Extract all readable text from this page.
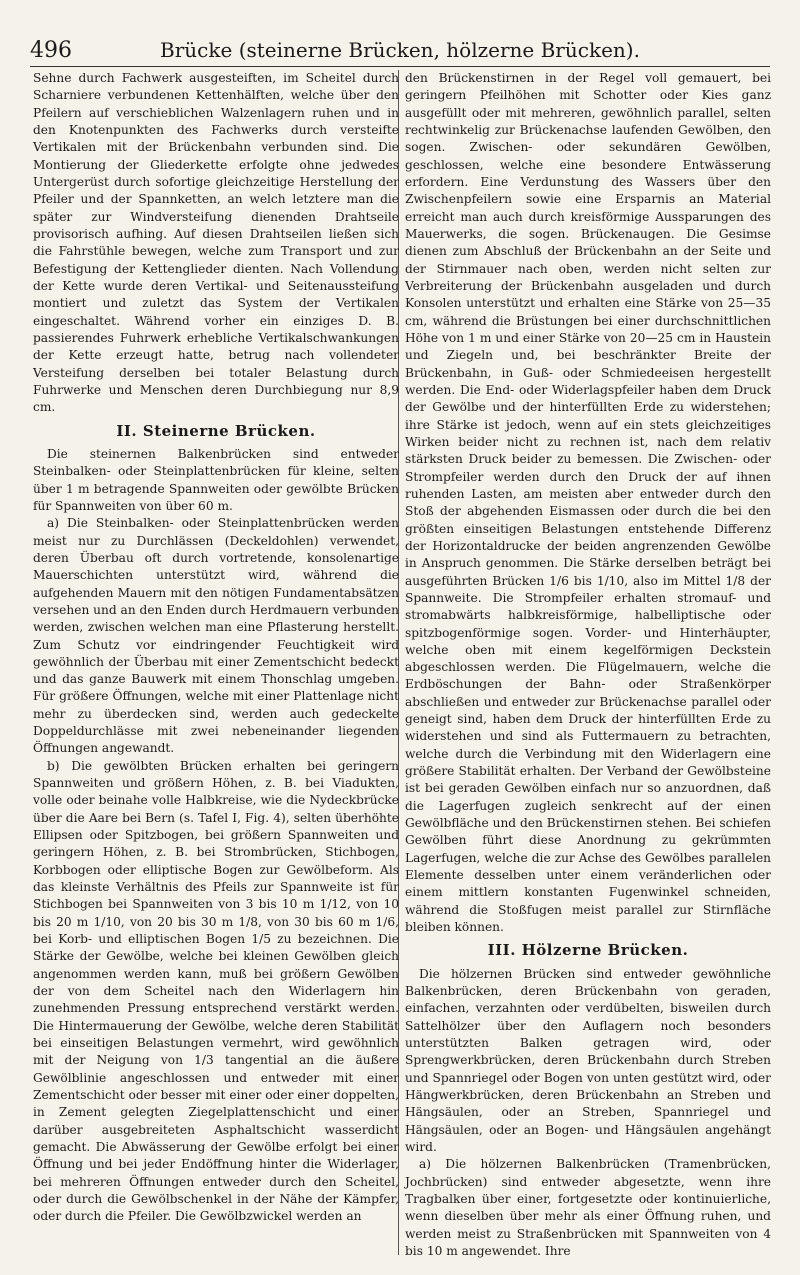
496	Brücke (steinerne Brücken, hölzerne Brücken).

Sehne durch Fachwerk ausgesteiften, im Scheitel durch Scharniere verbundenen Kettenhälften, welche über den Pfeilern auf verschieblichen Walzenlagern ruhen und in den Knotenpunkten des Fachwerks durch versteifte Vertikalen mit der Brückenbahn verbunden sind. Die Montierung der Gliederkette erfolgte ohne jedwedes Untergerüst durch sofortige gleichzeitige Herstellung der Pfeiler und der Spannketten, an welch letztere man die später zur Windversteifung dienenden Drahtseile provisorisch aufhing. Auf diesen Drahtseilen ließen sich die Fahrstühle bewegen, welche zum Transport und zur Befestigung der Kettenglieder dienten. Nach Vollendung der Kette wurde deren Vertikal- und Seitenaussteifung montiert und zuletzt das System der Vertikalen eingeschaltet. Während vorher ein einziges D. B. passierendes Fuhrwerk erhebliche Vertikalschwankungen der Kette erzeugt hatte, betrug nach vollendeter Versteifung derselben bei totaler Belastung durch Fuhrwerke und Menschen deren Durchbiegung nur 8,9 cm.

II. Steinerne Brücken.

Die steinernen Balkenbrücken sind entweder Steinbalken- oder Steinplattenbrücken für kleine, selten über 1 m betragende Spannweiten oder gewölbte Brücken für Spannweiten von über 60 m.

a) Die Steinbalken- oder Steinplattenbrücken werden meist nur zu Durchlässen (Deckeldohlen) verwendet, deren Überbau oft durch vortretende, konsolenartige Mauerschichten unterstützt wird, während die aufgehenden Mauern mit den nötigen Fundamentabsätzen versehen und an den Enden durch Herdmauern verbunden werden, zwischen welchen man eine Pflasterung herstellt. Zum Schutz vor eindringender Feuchtigkeit wird gewöhnlich der Überbau mit einer Zementschicht bedeckt und das ganze Bauwerk mit einem Thonschlag umgeben. Für größere Öffnungen, welche mit einer Plattenlage nicht mehr zu überdecken sind, werden auch gedeckelte Doppeldurchlässe mit zwei nebeneinander liegenden Öffnungen angewandt.

b) Die gewölbten Brücken erhalten bei geringern Spannweiten und größern Höhen, z. B. bei Viadukten, volle oder beinahe volle Halbkreise, wie die Nydeckbrücke über die Aare bei Bern (s. Tafel I, Fig. 4), selten überhöhte Ellipsen oder Spitzbogen, bei größern Spannweiten und geringern Höhen, z. B. bei Strombrücken, Stichbogen, Korbbogen oder elliptische Bogen zur Gewölbeform. Als das kleinste Verhältnis des Pfeils zur Spannweite ist für Stichbogen bei Spannweiten von 3 bis 10 m 1/12, von 10 bis 20 m 1/10, von 20 bis 30 m 1/8, von 30 bis 60 m 1/6, bei Korb- und elliptischen Bogen 1/5 zu bezeichnen. Die Stärke der Gewölbe, welche bei kleinen Gewölben gleich angenommen werden kann, muß bei größern Gewölben der von dem Scheitel nach den Widerlagern hin zunehmenden Pressung entsprechend verstärkt werden. Die Hintermauerung der Gewölbe, welche deren Stabilität bei einseitigen Belastungen vermehrt, wird gewöhnlich mit der Neigung von 1/3 tangential an die äußere Gewölblinie angeschlossen und entweder mit einer Zementschicht oder besser mit einer oder einer doppelten, in Zement gelegten Ziegelplattenschicht und einer darüber ausgebreiteten Asphaltschicht wasserdicht gemacht. Die Abwässerung der Gewölbe erfolgt bei einer Öffnung und bei jeder Endöffnung hinter die Widerlager, bei mehreren Öffnungen entweder durch den Scheitel, oder durch die Gewölbschenkel in der Nähe der Kämpfer, oder durch die Pfeiler. Die Gewölbzwickel werden an

den Brückenstirnen in der Regel voll gemauert, bei geringern Pfeilhöhen mit Schotter oder Kies ganz ausgefüllt oder mit mehreren, gewöhnlich parallel, selten rechtwinkelig zur Brückenachse laufenden Gewölben, den sogen. Zwischen- oder sekundären Gewölben, geschlossen, welche eine besondere Entwässerung erfordern. Eine Verdunstung des Wassers über den Zwischenpfeilern sowie eine Ersparnis an Material erreicht man auch durch kreisförmige Aussparungen des Mauerwerks, die sogen. Brückenaugen. Die Gesimse dienen zum Abschluß der Brückenbahn an der Seite und der Stirnmauer nach oben, werden nicht selten zur Verbreiterung der Brückenbahn ausgeladen und durch Konsolen unterstützt und erhalten eine Stärke von 25—35 cm, während die Brüstungen bei einer durchschnittlichen Höhe von 1 m und einer Stärke von 20—25 cm in Haustein und Ziegeln und, bei beschränkter Breite der Brückenbahn, in Guß- oder Schmiedeeisen hergestellt werden. Die End- oder Widerlagspfeiler haben dem Druck der Gewölbe und der hinterfüllten Erde zu widerstehen; ihre Stärke ist jedoch, wenn auf ein stets gleichzeitiges Wirken beider nicht zu rechnen ist, nach dem relativ stärksten Druck beider zu bemessen. Die Zwischen- oder Strompfeiler werden durch den Druck der auf ihnen ruhenden Lasten, am meisten aber entweder durch den Stoß der abgehenden Eismassen oder durch die bei den größten einseitigen Belastungen entstehende Differenz der Horizontaldrucke der beiden angrenzenden Gewölbe in Anspruch genommen. Die Stärke derselben beträgt bei ausgeführten Brücken 1/6 bis 1/10, also im Mittel 1/8 der Spannweite. Die Strompfeiler erhalten stromauf- und stromabwärts halbkreisförmige, halbelliptische oder spitzbogenförmige sogen. Vorder- und Hinterhäupter, welche oben mit einem kegelförmigen Deckstein abgeschlossen werden. Die Flügelmauern, welche die Erdböschungen der Bahn- oder Straßenkörper abschließen und entweder zur Brückenachse parallel oder geneigt sind, haben dem Druck der hinterfüllten Erde zu widerstehen und sind als Futtermauern zu betrachten, welche durch die Verbindung mit den Widerlagern eine größere Stabilität erhalten. Der Verband der Gewölbsteine ist bei geraden Gewölben einfach nur so anzuordnen, daß die Lagerfugen zugleich senkrecht auf der einen Gewölbfläche und den Brückenstirnen stehen. Bei schiefen Gewölben führt diese Anordnung zu gekrümmten Lagerfugen, welche die zur Achse des Gewölbes parallelen Elemente desselben unter einem veränderlichen oder einem mittlern konstanten Fugenwinkel schneiden, während die Stoßfugen meist parallel zur Stirnfläche bleiben können.

III. Hölzerne Brücken.

Die hölzernen Brücken sind entweder gewöhnliche Balkenbrücken, deren Brückenbahn von geraden, einfachen, verzahnten oder verdübelten, bisweilen durch Sattelhölzer über den Auflagern noch besonders unterstützten Balken getragen wird, oder Sprengwerkbrücken, deren Brückenbahn durch Streben und Spannriegel oder Bogen von unten gestützt wird, oder Hängwerkbrücken, deren Brückenbahn an Streben und Hängsäulen, oder an Streben, Spannriegel und Hängsäulen, oder an Bogen- und Hängsäulen angehängt wird.

a) Die hölzernen Balkenbrücken (Tramenbrücken, Jochbrücken) sind entweder abgesetzte, wenn ihre Tragbalken über einer, fortgesetzte oder kontinuierliche, wenn dieselben über mehr als einer Öffnung ruhen, und werden meist zu Straßenbrücken mit Spannweiten von 4 bis 10 m angewendet. Ihre
